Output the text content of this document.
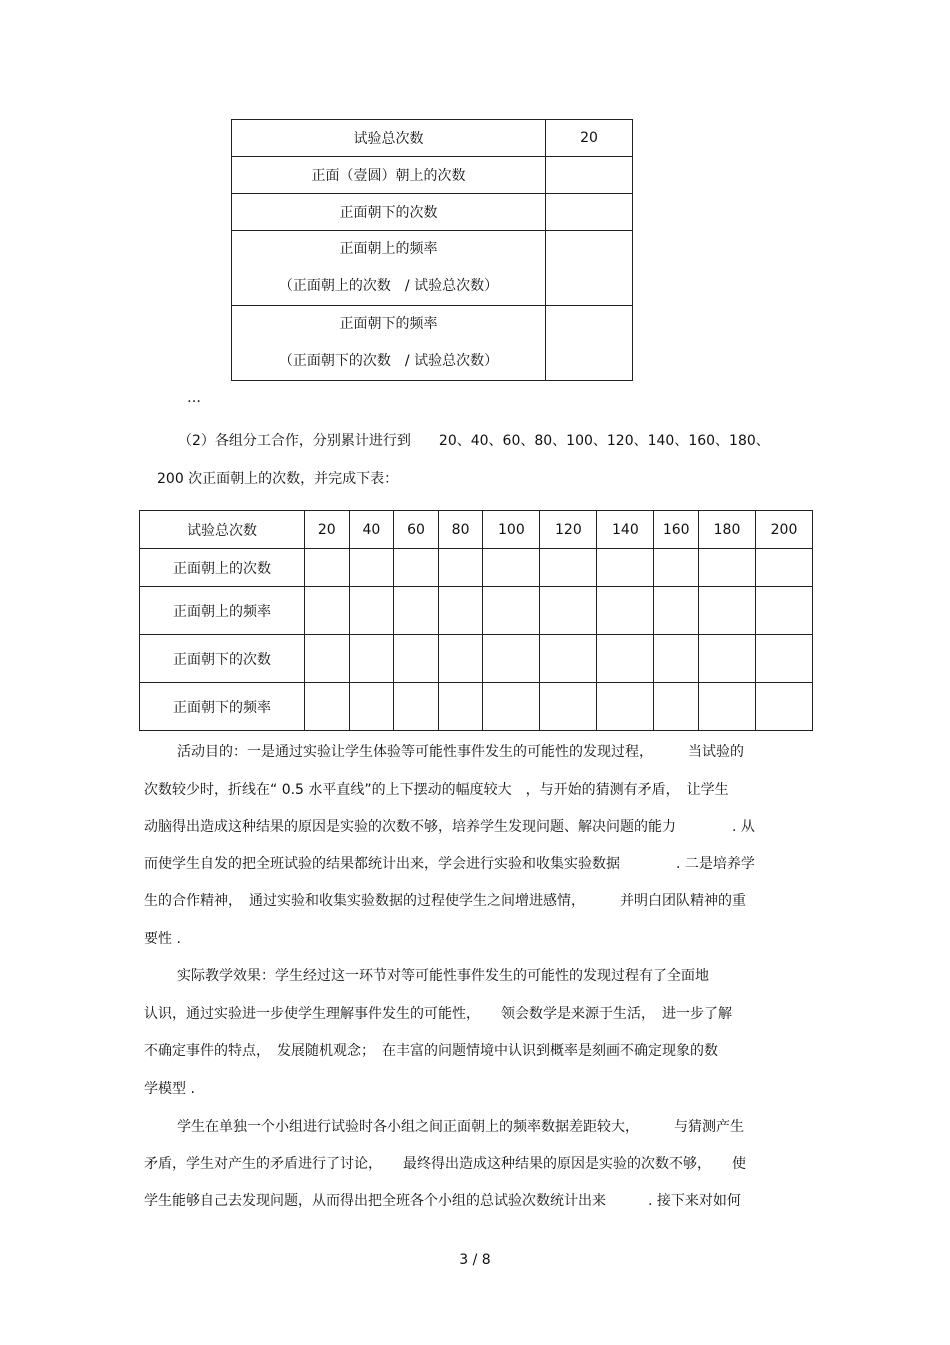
试验总次数	20
正面（壹圆）朝上的次数	
正面朝下的次数	

正面朝上的频率
（正面朝上的次数　/ 试验总次数）	

正面朝下的频率
（正面朝下的次数　/ 试验总次数）	

…
（2）各组分工合作，分别累计进行到　　20、40、60、80、100、120、140、160、180、
200 次正面朝上的次数，并完成下表：
试验总次数	20	40	60	80	100	120	140	160	180	200
正面朝上的次数										
正面朝上的频率										
正面朝下的次数										
正面朝下的频率										
活动目的：一是通过实验让学生体验等可能性事件发生的可能性的发现过程，　　　当试验的
次数较少时，折线在“ 0.5 水平直线”的上下摆动的幅度较大　，与开始的猜测有矛盾，　让学生
动脑得出造成这种结果的原因是实验的次数不够，培养学生发现问题、解决问题的能力　　　　. 从
而使学生自发的把全班试验的结果都统计出来，学会进行实验和收集实验数据　　　　. 二是培养学
生的合作精神，　通过实验和收集实验数据的过程使学生之间增进感情，　　　并明白团队精神的重
要性 .
实际教学效果：学生经过这一环节对等可能性事件发生的可能性的发现过程有了全面地
认识，通过实验进一步使学生理解事件发生的可能性，　　领会数学是来源于生活，　进一步了解
不确定事件的特点，　发展随机观念；　在丰富的问题情境中认识到概率是刻画不确定现象的数
学模型 .
学生在单独一个小组进行试验时各小组之间正面朝上的频率数据差距较大，　　　与猜测产生
矛盾，学生对产生的矛盾进行了讨论，　　最终得出造成这种结果的原因是实验的次数不够，　　使
学生能够自己去发现问题，从而得出把全班各个小组的总试验次数统计出来　　　. 接下来对如何
3 / 8
